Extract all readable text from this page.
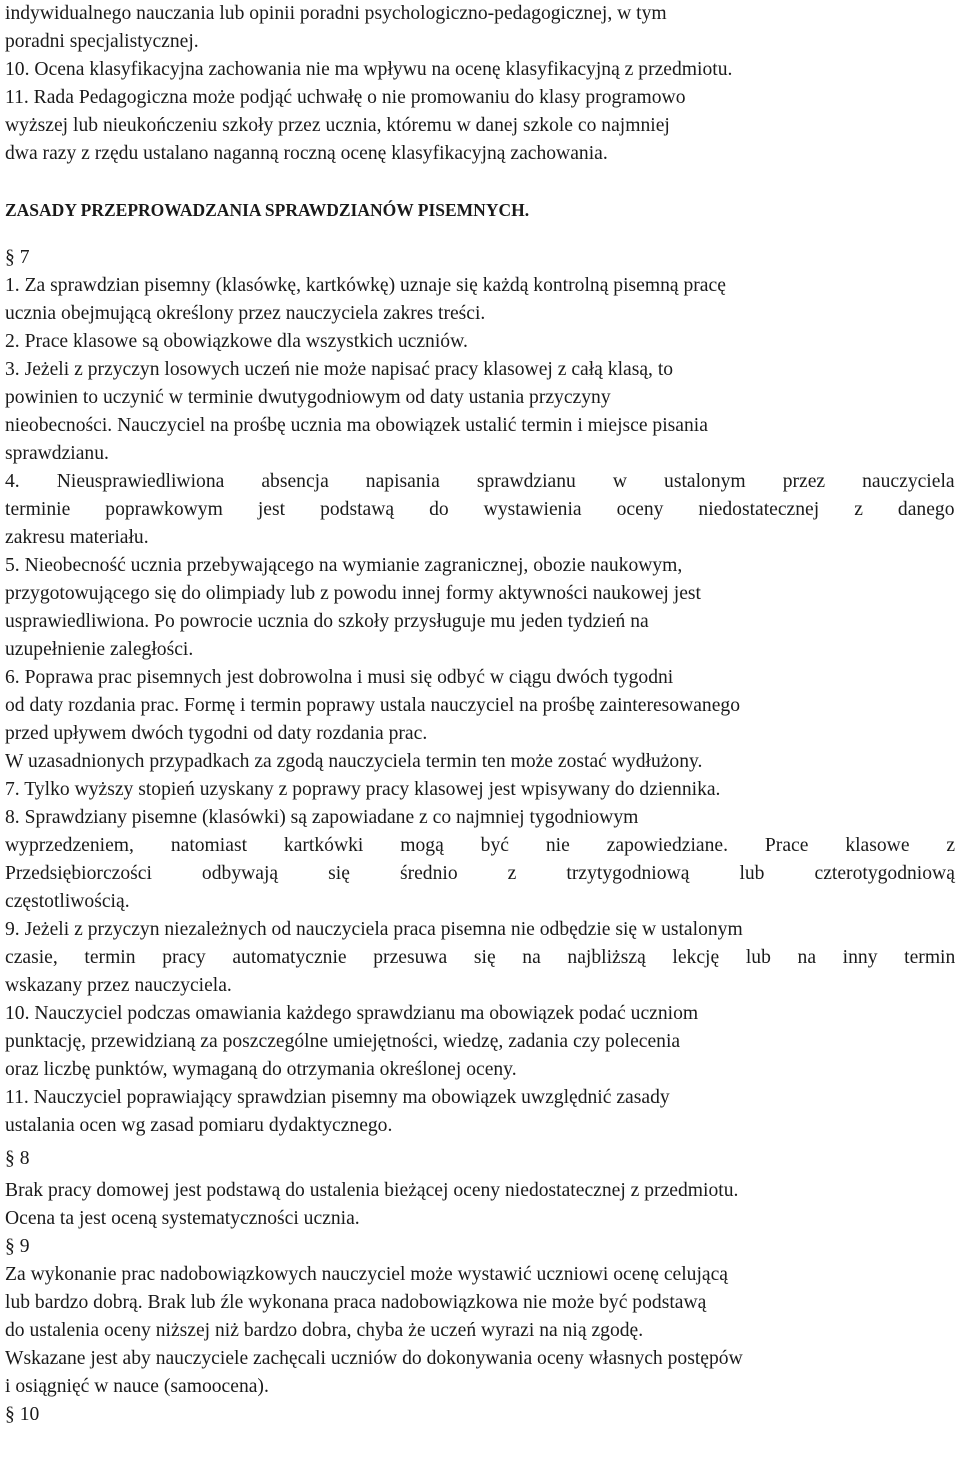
indywidualnego nauczania lub opinii poradni psychologiczno-pedagogicznej, w tym

poradni specjalistycznej.

10. Ocena klasyfikacyjna zachowania nie ma wpływu na ocenę klasyfikacyjną z przedmiotu.

11. Rada Pedagogiczna może podjąć uchwałę o nie promowaniu do klasy programowo

wyższej lub nieukończeniu szkoły przez ucznia, któremu w danej szkole co najmniej

dwa razy z rzędu ustalano naganną roczną ocenę klasyfikacyjną zachowania.

ZASADY PRZEPROWADZANIA SPRAWDZIANÓW PISEMNYCH.

§ 7

1. Za sprawdzian pisemny (klasówkę, kartkówkę) uznaje się każdą kontrolną pisemną pracę

ucznia obejmującą określony przez nauczyciela zakres treści.

2. Prace klasowe są obowiązkowe dla wszystkich uczniów.

3. Jeżeli z przyczyn losowych uczeń nie może napisać pracy klasowej z całą klasą, to

powinien to uczynić w terminie dwutygodniowym od daty ustania przyczyny

nieobecności. Nauczyciel na prośbę ucznia ma obowiązek ustalić termin i miejsce pisania

sprawdzianu.

4. Nieusprawiedliwiona absencja napisania sprawdzianu w ustalonym przez nauczyciela

terminie poprawkowym jest podstawą do wystawienia oceny niedostatecznej z danego

zakresu materiału.

5. Nieobecność ucznia przebywającego na wymianie zagranicznej, obozie naukowym,

przygotowującego się do olimpiady lub z powodu innej formy aktywności naukowej jest

usprawiedliwiona. Po powrocie ucznia do szkoły przysługuje mu jeden tydzień na

uzupełnienie zaległości.

6. Poprawa prac pisemnych jest dobrowolna i musi się odbyć w ciągu dwóch tygodni

od daty rozdania prac. Formę i termin poprawy ustala nauczyciel na prośbę zainteresowanego

przed upływem dwóch tygodni od daty rozdania prac.

W uzasadnionych przypadkach za zgodą nauczyciela termin ten może zostać wydłużony.

7. Tylko wyższy stopień uzyskany z poprawy pracy klasowej jest wpisywany do dziennika.

8. Sprawdziany pisemne (klasówki) są zapowiadane z co najmniej tygodniowym

wyprzedzeniem, natomiast kartkówki mogą być nie zapowiedziane. Prace klasowe z

Przedsiębiorczości odbywają się średnio z trzytygodniową lub czterotygodniową

częstotliwością.

9. Jeżeli z przyczyn niezależnych od nauczyciela praca pisemna nie odbędzie się w ustalonym

czasie, termin pracy automatycznie przesuwa się na najbliższą lekcję lub na inny termin

wskazany przez nauczyciela.

10. Nauczyciel podczas omawiania każdego sprawdzianu ma obowiązek podać uczniom

punktację, przewidzianą za poszczególne umiejętności, wiedzę, zadania czy polecenia

oraz liczbę punktów, wymaganą do otrzymania określonej oceny.

11. Nauczyciel poprawiający sprawdzian pisemny ma obowiązek uwzględnić zasady

ustalania ocen wg zasad pomiaru dydaktycznego.

§ 8

Brak pracy domowej jest podstawą do ustalenia bieżącej oceny niedostatecznej z przedmiotu.

Ocena ta jest oceną systematyczności ucznia.

§ 9

Za wykonanie prac nadobowiązkowych nauczyciel może wystawić uczniowi ocenę celującą

lub bardzo dobrą. Brak lub źle wykonana praca nadobowiązkowa nie może być podstawą

do ustalenia oceny niższej niż bardzo dobra, chyba że uczeń wyrazi na nią zgodę.

Wskazane jest aby nauczyciele zachęcali uczniów do dokonywania oceny własnych postępów

i osiągnięć w nauce (samoocena).

§ 10
